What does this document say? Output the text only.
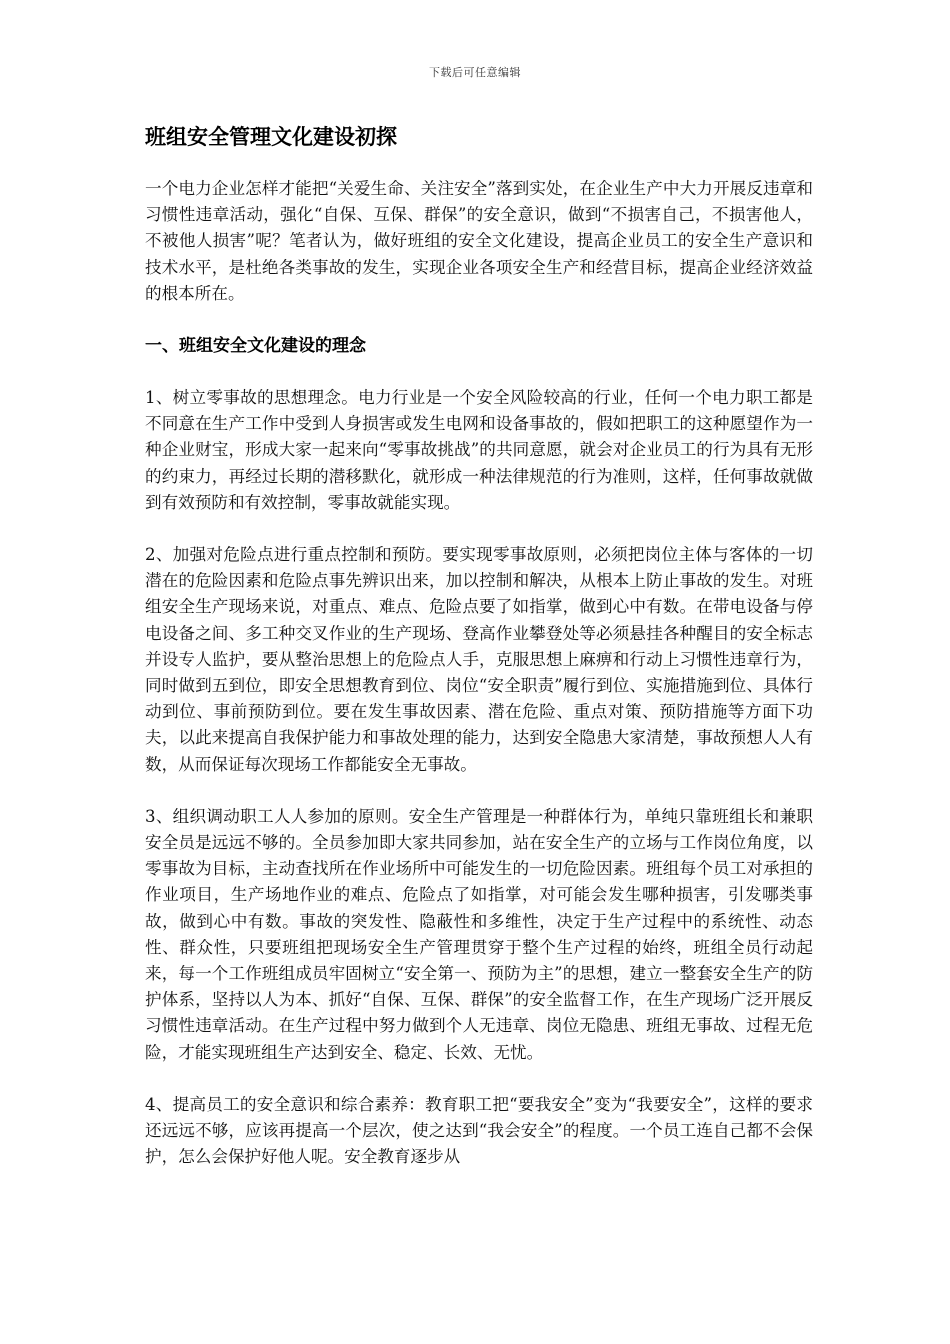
下载后可任意编辑
班组安全管理文化建设初探

一个电力企业怎样才能把“关爱生命、关注安全”落到实处，在企业生产中大力开展反违章和习惯性违章活动，强化“自保、互保、群保”的安全意识，做到“不损害自己，不损害他人，不被他人损害”呢？笔者认为，做好班组的安全文化建设，提高企业员工的安全生产意识和技术水平，是杜绝各类事故的发生，实现企业各项安全生产和经营目标，提高企业经济效益的根本所在。

一、班组安全文化建设的理念

1、树立零事故的思想理念。电力行业是一个安全风险较高的行业，任何一个电力职工都是不同意在生产工作中受到人身损害或发生电网和设备事故的，假如把职工的这种愿望作为一种企业财宝，形成大家一起来向“零事故挑战”的共同意愿，就会对企业员工的行为具有无形的约束力，再经过长期的潜移默化，就形成一种法律规范的行为准则，这样，任何事故就做到有效预防和有效控制，零事故就能实现。

2、加强对危险点进行重点控制和预防。要实现零事故原则，必须把岗位主体与客体的一切潜在的危险因素和危险点事先辨识出来，加以控制和解决，从根本上防止事故的发生。对班组安全生产现场来说，对重点、难点、危险点要了如指掌，做到心中有数。在带电设备与停电设备之间、多工种交叉作业的生产现场、登高作业攀登处等必须悬挂各种醒目的安全标志并设专人监护，要从整治思想上的危险点人手，克服思想上麻痹和行动上习惯性违章行为，同时做到五到位，即安全思想教育到位、岗位“安全职责”履行到位、实施措施到位、具体行动到位、事前预防到位。要在发生事故因素、潜在危险、重点对策、预防措施等方面下功夫，以此来提高自我保护能力和事故处理的能力，达到安全隐患大家清楚，事故预想人人有数，从而保证每次现场工作都能安全无事故。

3、组织调动职工人人参加的原则。安全生产管理是一种群体行为，单纯只靠班组长和兼职安全员是远远不够的。全员参加即大家共同参加，站在安全生产的立场与工作岗位角度，以零事故为目标，主动查找所在作业场所中可能发生的一切危险因素。班组每个员工对承担的作业项目，生产场地作业的难点、危险点了如指掌，对可能会发生哪种损害，引发哪类事故，做到心中有数。事故的突发性、隐蔽性和多维性，决定于生产过程中的系统性、动态性、群众性，只要班组把现场安全生产管理贯穿于整个生产过程的始终，班组全员行动起来，每一个工作班组成员牢固树立“安全第一、预防为主”的思想，建立一整套安全生产的防护体系，坚持以人为本、抓好“自保、互保、群保”的安全监督工作，在生产现场广泛开展反习惯性违章活动。在生产过程中努力做到个人无违章、岗位无隐患、班组无事故、过程无危险，才能实现班组生产达到安全、稳定、长效、无忧。

4、提高员工的安全意识和综合素养：教育职工把“要我安全”变为“我要安全”，这样的要求还远远不够，应该再提高一个层次，使之达到“我会安全”的程度。一个员工连自己都不会保护，怎么会保护好他人呢。安全教育逐步从
